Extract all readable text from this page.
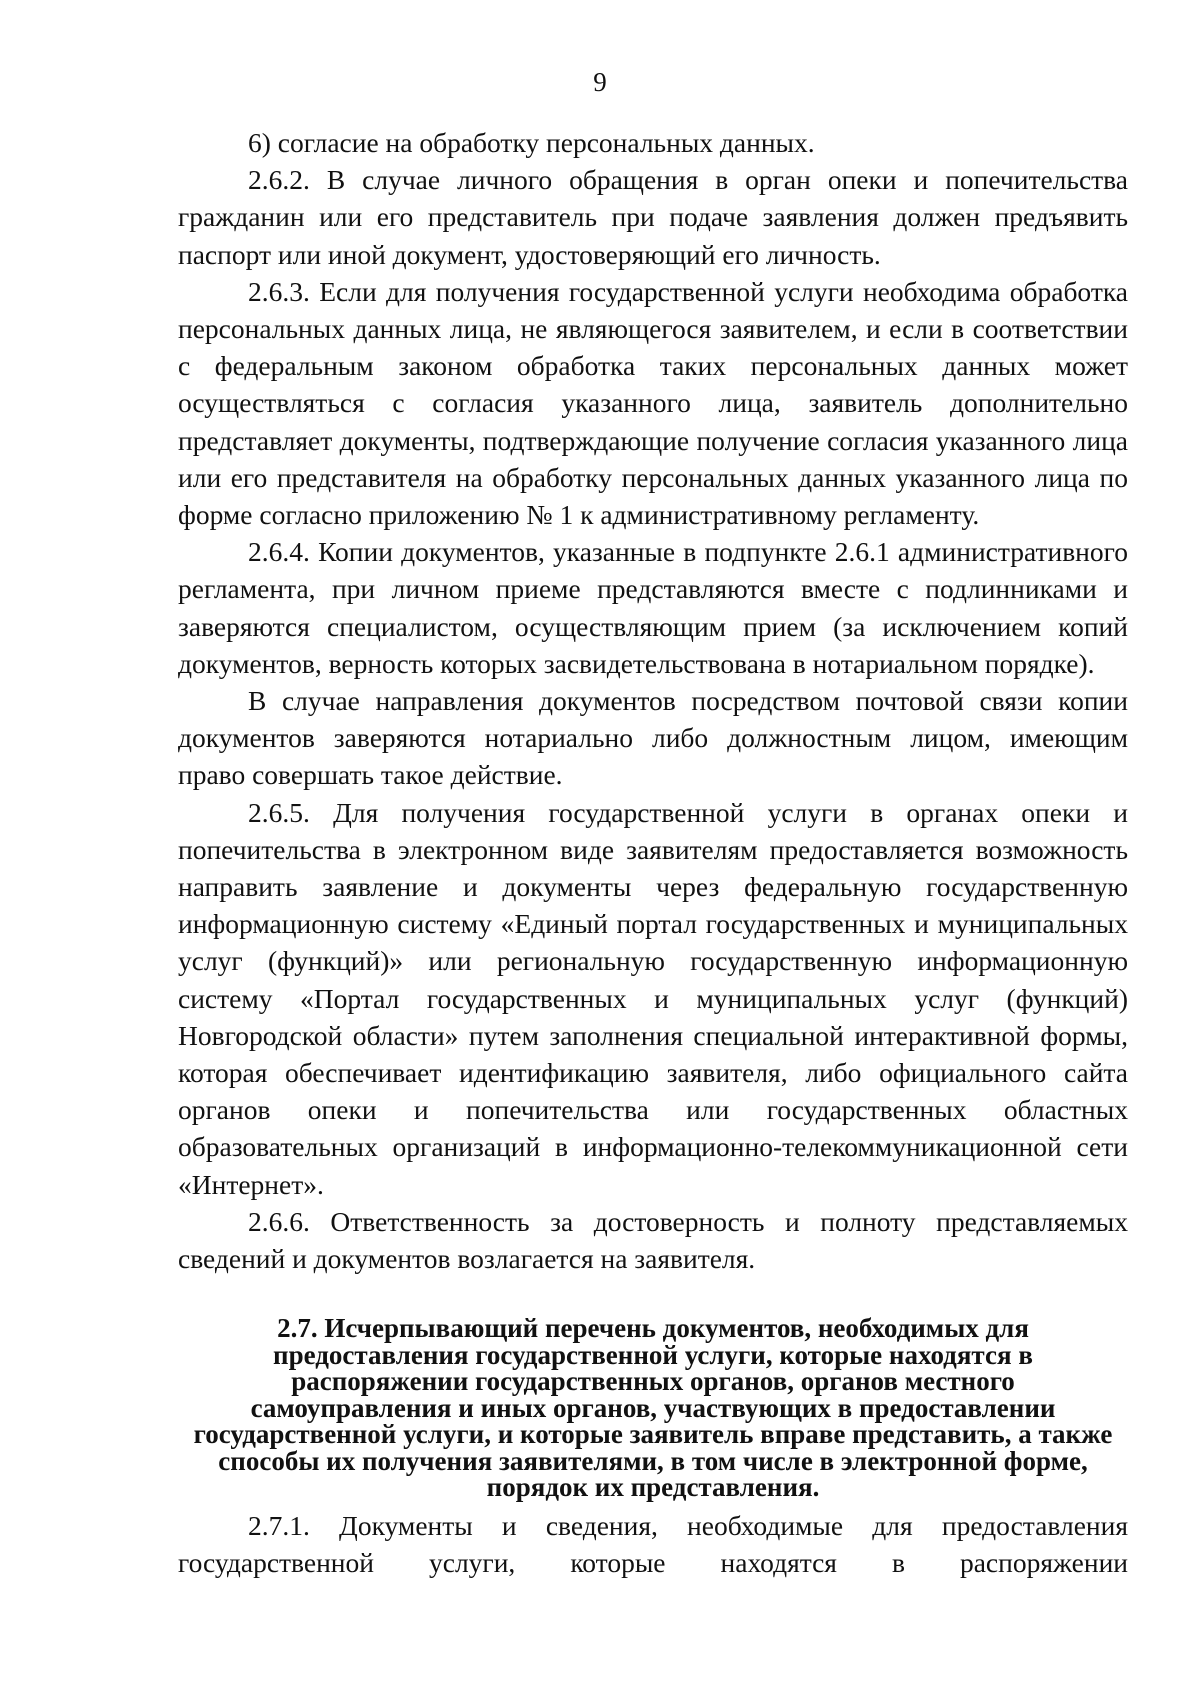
9

6) согласие на обработку персональных данных.

2.6.2. В случае личного обращения в орган опеки и попечительства гражданин или его представитель при подаче заявления должен предъявить паспорт или иной документ, удостоверяющий его личность.

2.6.3. Если для получения государственной услуги необходима обработка персональных данных лица, не являющегося заявителем, и если в соответствии с федеральным законом обработка таких персональных данных может осуществляться с согласия указанного лица, заявитель дополнительно представляет документы, подтверждающие получение согласия указанного лица или его представителя на обработку персональных данных указанного лица по форме согласно приложению № 1 к административному регламенту.

2.6.4. Копии документов, указанные в подпункте 2.6.1 административного регламента, при личном приеме представляются вместе с подлинниками и заверяются специалистом, осуществляющим прием (за исключением копий документов, верность которых засвидетельствована в нотариальном порядке).

В случае направления документов посредством почтовой связи копии документов заверяются нотариально либо должностным лицом, имеющим право совершать такое действие.

2.6.5. Для получения государственной услуги в органах опеки и попечительства в электронном виде заявителям предоставляется возможность направить заявление и документы через федеральную государственную информационную систему «Единый портал государственных и муниципальных услуг (функций)» или региональную государственную информационную систему «Портал государственных и муниципальных услуг (функций) Новгородской области» путем заполнения специальной интерактивной формы, которая обеспечивает идентификацию заявителя, либо официального сайта органов опеки и попечительства или государственных областных образовательных организаций в информационно-телекоммуникационной сети «Интернет».

2.6.6. Ответственность за достоверность и полноту представляемых сведений и документов возлагается на заявителя.

2.7. Исчерпывающий перечень документов, необходимых для предоставления государственной услуги, которые находятся в распоряжении государственных органов, органов местного самоуправления и иных органов, участвующих в предоставлении государственной услуги, и которые заявитель вправе представить, а также способы их получения заявителями, в том числе в электронной форме, порядок их представления.

2.7.1. Документы и сведения, необходимые для предоставления государственной услуги, которые находятся в распоряжении
